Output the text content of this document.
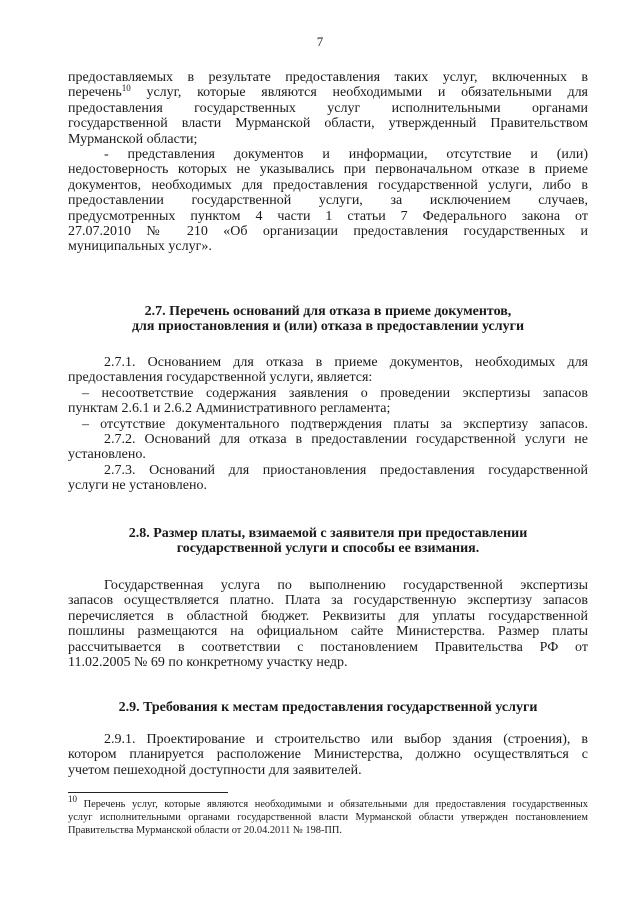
7

предоставляемых в результате предоставления таких услуг, включенных в

перечень$^{10}$ услуг, которые являются необходимыми и обязательными для

предоставления государственных услуг исполнительными органами

государственной власти Мурманской области, утвержденный Правительством

Мурманской области;

- представления документов и информации, отсутствие и (или)

недостоверность которых не указывались при первоначальном отказе в приеме

документов, необходимых для предоставления государственной услуги, либо в

предоставлении государственной услуги, за исключением случаев,

предусмотренных пунктом 4 части 1 статьи 7 Федерального закона от

27.07.2010 № 210 «Об организации предоставления государственных и

муниципальных услуг».

2.7. Перечень оснований для отказа в приеме документов,

для приостановления и (или) отказа в предоставлении услуги

2.7.1. Основанием для отказа в приеме документов, необходимых для

предоставления государственной услуги, является:

– несоответствие содержания заявления о проведении экспертизы запасов

пунктам 2.6.1 и 2.6.2 Административного регламента;

– отсутствие документального подтверждения платы за экспертизу запасов.

2.7.2. Оснований для отказа в предоставлении государственной услуги не

установлено.

2.7.3. Оснований для приостановления предоставления государственной

услуги не установлено.

2.8. Размер платы, взимаемой с заявителя при предоставлении

государственной услуги и способы ее взимания.

Государственная услуга по выполнению государственной экспертизы

запасов осуществляется платно. Плата за государственную экспертизу запасов

перечисляется в областной бюджет. Реквизиты для уплаты государственной

пошлины размещаются на официальном сайте Министерства. Размер платы

рассчитывается в соответствии с постановлением Правительства РФ от

11.02.2005 № 69 по конкретному участку недр.

2.9. Требования к местам предоставления государственной услуги

2.9.1. Проектирование и строительство или выбор здания (строения), в

котором планируется расположение Министерства, должно осуществляться с

учетом пешеходной доступности для заявителей.

$^{10}$ Перечень услуг, которые являются необходимыми и обязательными для предоставления государственных

услуг исполнительными органами государственной власти Мурманской области утвержден постановлением

Правительства Мурманской области от 20.04.2011 № 198-ПП.
